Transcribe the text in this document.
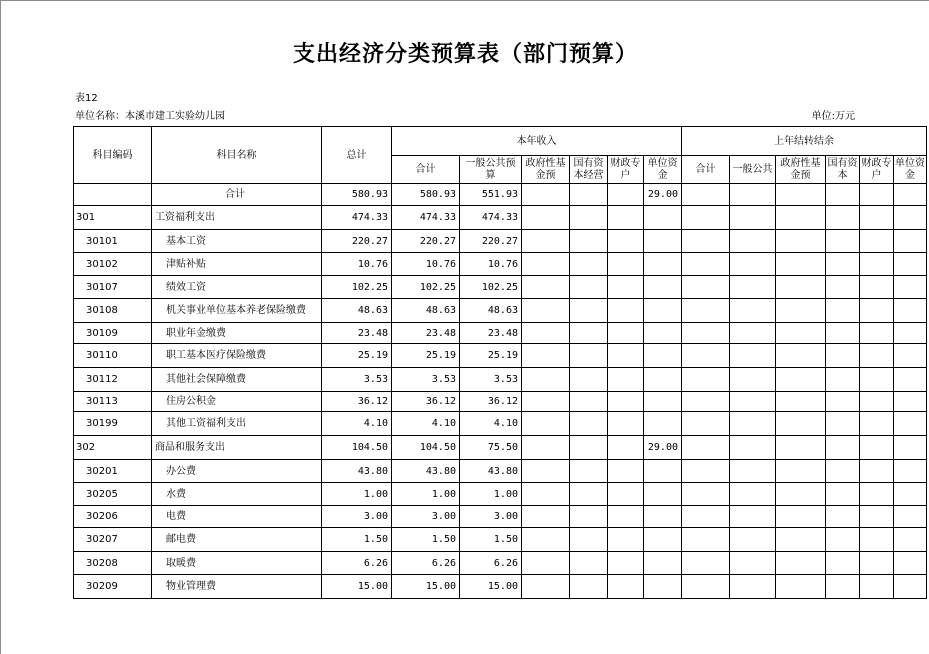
支出经济分类预算表（部门预算）
表12
单位名称：本溪市建工实验幼儿园	单位:万元
科目编码	科目名称	总计	本年收入						上年结转结余					
			合计	一般公共预算	政府性基金预	国有资本经营	财政专户	单位资金	合计	一般公共	政府性基金预	国有资本	财政专户	单位资金
	合计	580.93	580.93	551.93				29.00						
301	工资福利支出	474.33	474.33	474.33										
30101	基本工资	220.27	220.27	220.27										
30102	津贴补贴	10.76	10.76	10.76										
30107	绩效工资	102.25	102.25	102.25										
30108	机关事业单位基本养老保险缴费	48.63	48.63	48.63										
30109	职业年金缴费	23.48	23.48	23.48										
30110	职工基本医疗保险缴费	25.19	25.19	25.19										
30112	其他社会保障缴费	3.53	3.53	3.53										
30113	住房公积金	36.12	36.12	36.12										
30199	其他工资福利支出	4.10	4.10	4.10										
302	商品和服务支出	104.50	104.50	75.50				29.00						
30201	办公费	43.80	43.80	43.80										
30205	水费	1.00	1.00	1.00										
30206	电费	3.00	3.00	3.00										
30207	邮电费	1.50	1.50	1.50										
30208	取暖费	6.26	6.26	6.26										
30209	物业管理费	15.00	15.00	15.00										
